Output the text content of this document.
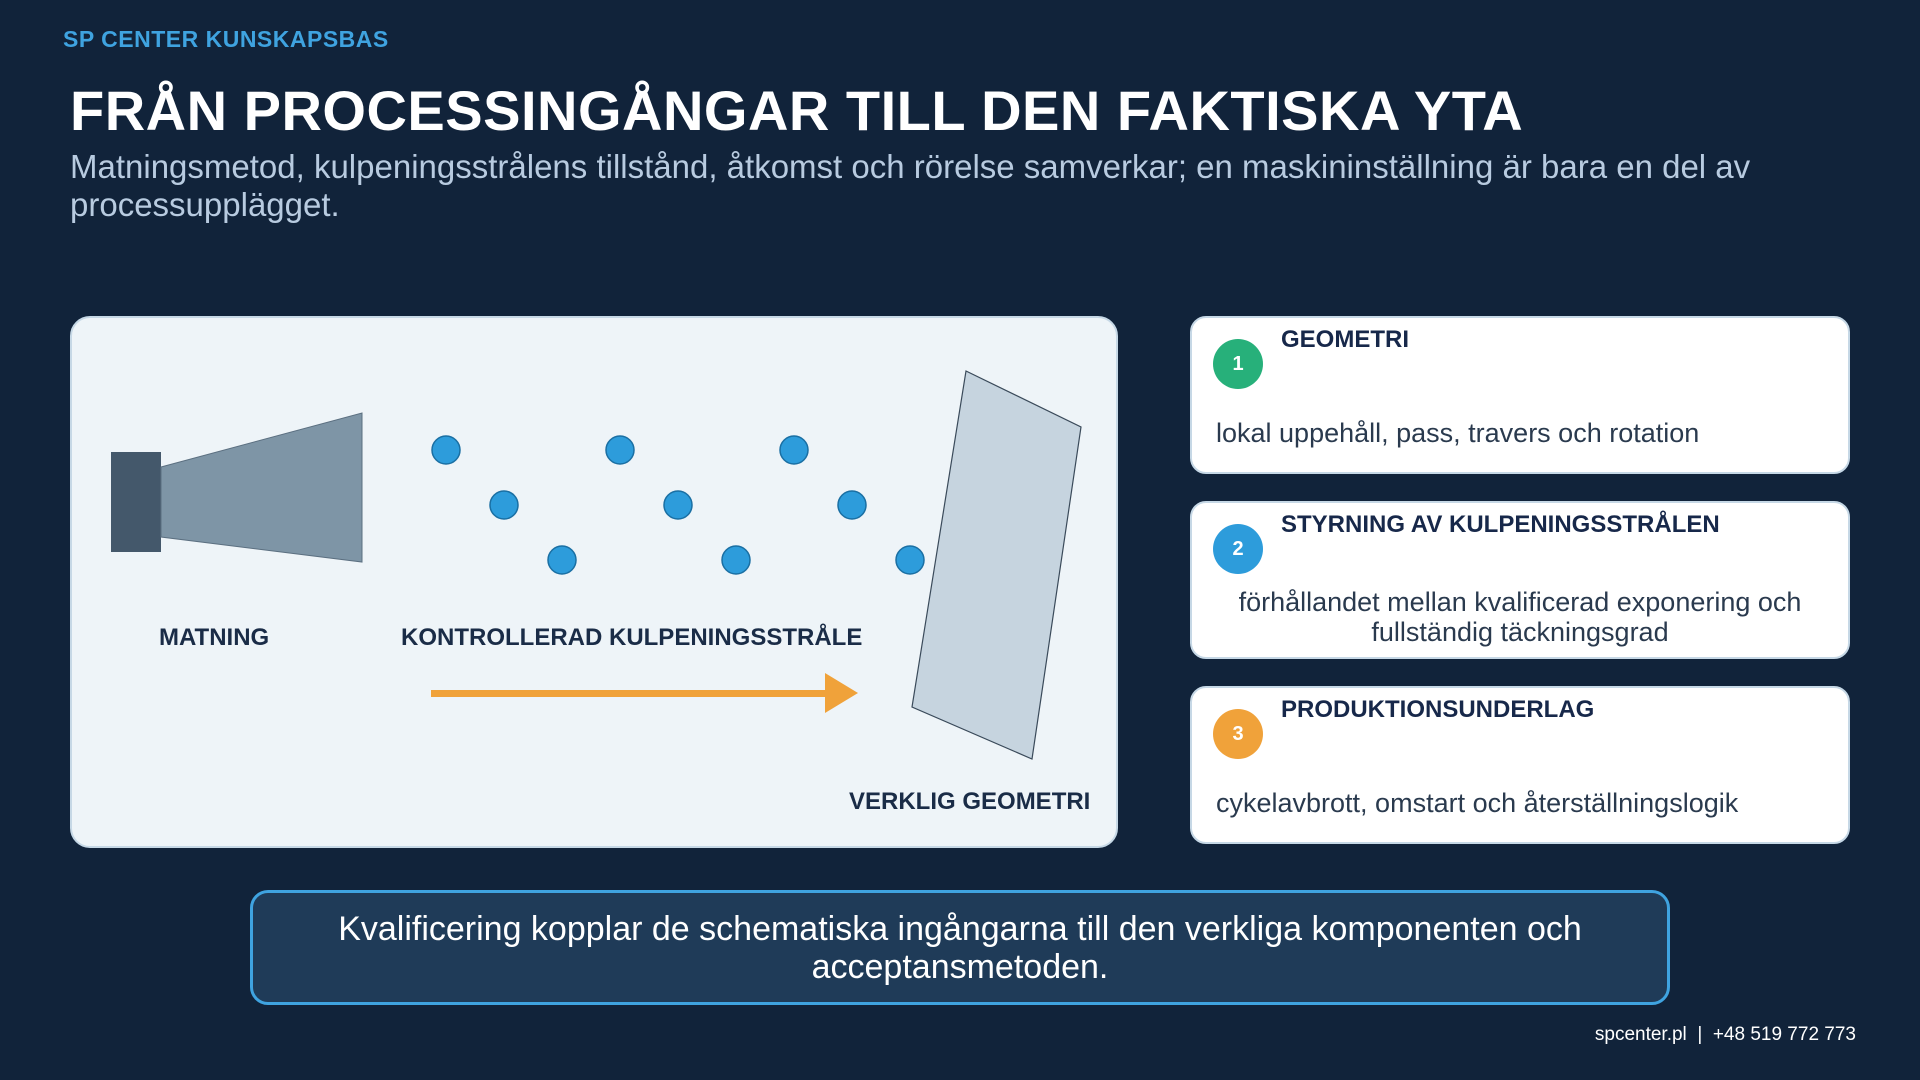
SP CENTER KUNSKAPSBAS
FRÅN PROCESSINGÅNGAR TILL DEN FAKTISKA YTA
Matningsmetod, kulpeningsstrålens tillstånd, åtkomst och rörelse samverkar; en maskininställning är bara en del av processupplägget.
MATNING	KONTROLLERAD KULPENINGSSTRÅLE
VERKLIG GEOMETRI
1
GEOMETRI
lokal uppehåll, pass, travers och rotation
2
STYRNING AV KULPENINGSSTRÅLEN
förhållandet mellan kvalificerad exponering och fullständig täckningsgrad
3
PRODUKTIONSUNDERLAG
cykelavbrott, omstart och återställningslogik
Kvalificering kopplar de schematiska ingångarna till den verkliga komponenten och acceptansmetoden.
spcenter.pl  |  +48 519 772 773
